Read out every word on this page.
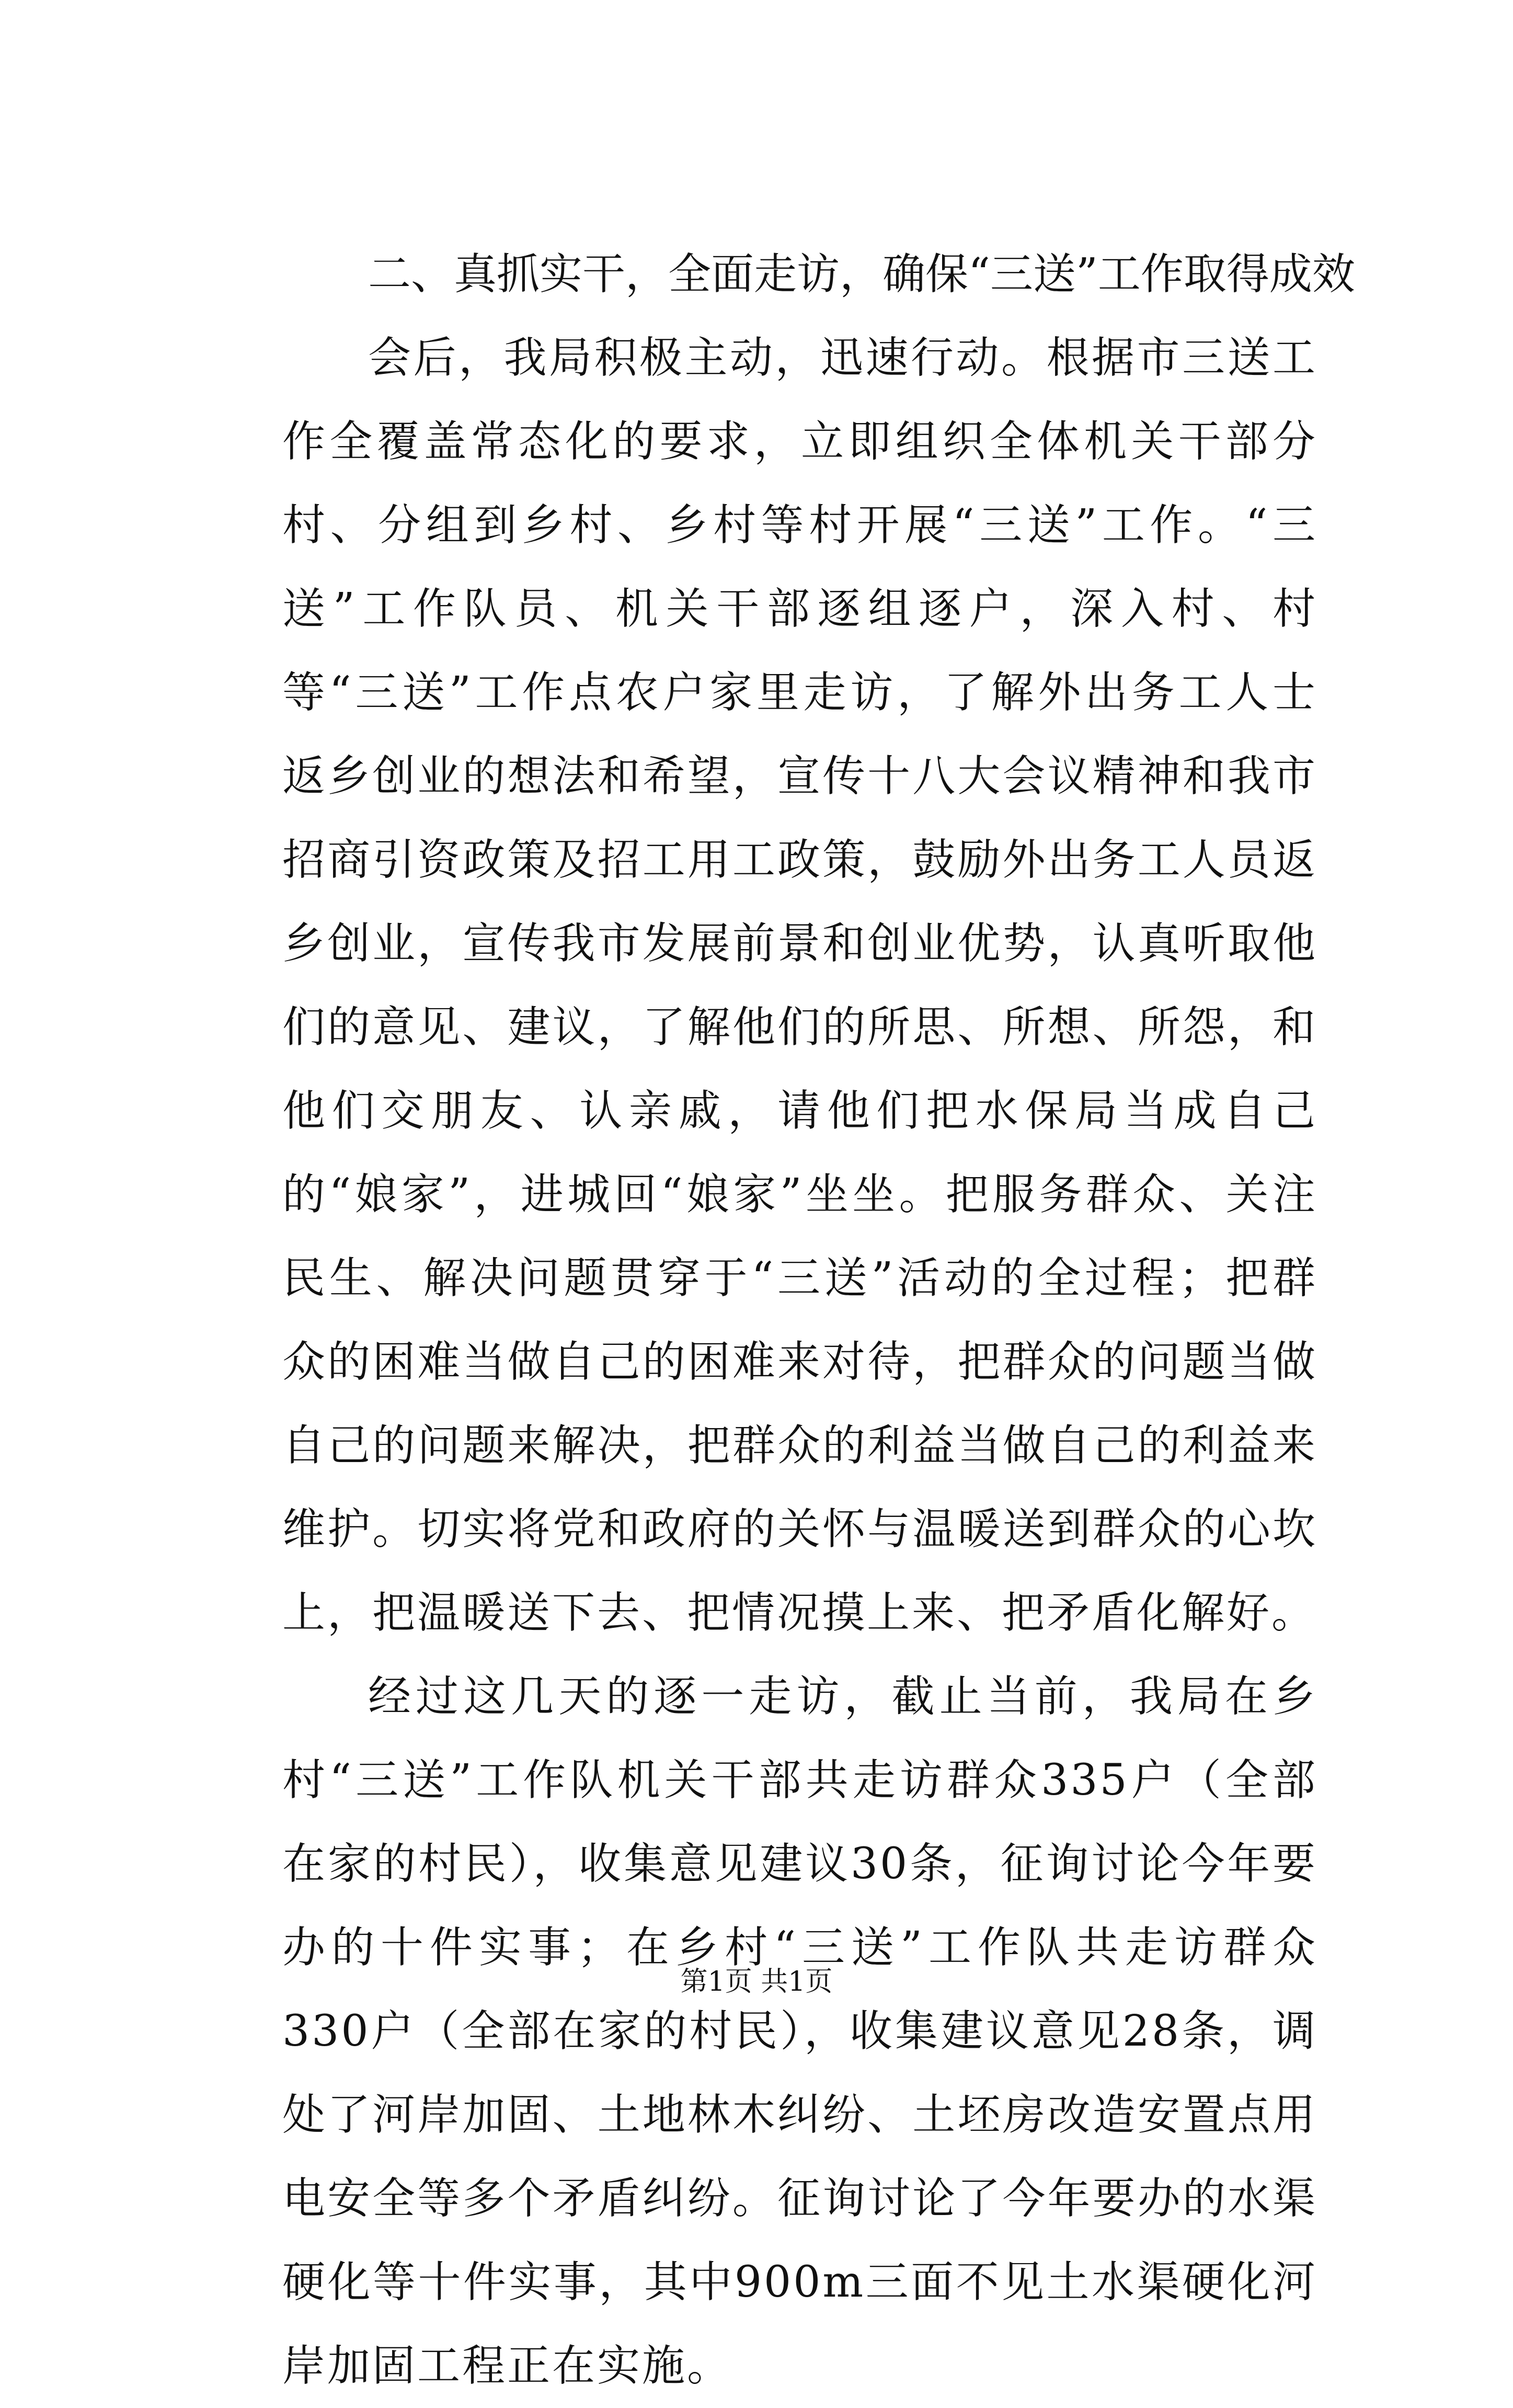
二、真抓实干，全面走访，确保“三送”工作取得成效

会后，我局积极主动，迅速行动。根据市三送工作全覆盖常态化的要求，立即组织全体机关干部分村、分组到乡村、乡村等村开展“三送”工作。“三送”工作队员、机关干部逐组逐户，深入村、村等“三送”工作点农户家里走访，了解外出务工人士返乡创业的想法和希望，宣传十八大会议精神和我市招商引资政策及招工用工政策，鼓励外出务工人员返乡创业，宣传我市发展前景和创业优势，认真听取他们的意见、建议，了解他们的所思、所想、所怨，和他们交朋友、认亲戚，请他们把水保局当成自己的“娘家”，进城回“娘家”坐坐。把服务群众、关注民生、解决问题贯穿于“三送”活动的全过程；把群众的困难当做自己的困难来对待，把群众的问题当做自己的问题来解决，把群众的利益当做自己的利益来维护。切实将党和政府的关怀与温暖送到群众的心坎上，把温暖送下去、把情况摸上来、把矛盾化解好。

经过这几天的逐一走访，截止当前，我局在乡村“三送”工作队机关干部共走访群众335户（全部在家的村民），收集意见建议30条，征询讨论今年要办的十件实事；在乡村“三送”工作队共走访群众330户（全部在家的村民），收集建议意见28条，调处了河岸加固、土地林木纠纷、土坯房改造安置点用电安全等多个矛盾纠纷。征询讨论了今年要办的水渠硬化等十件实事，其中900m三面不见土水渠硬化河岸加固工程正在实施。

第1页 共1页
